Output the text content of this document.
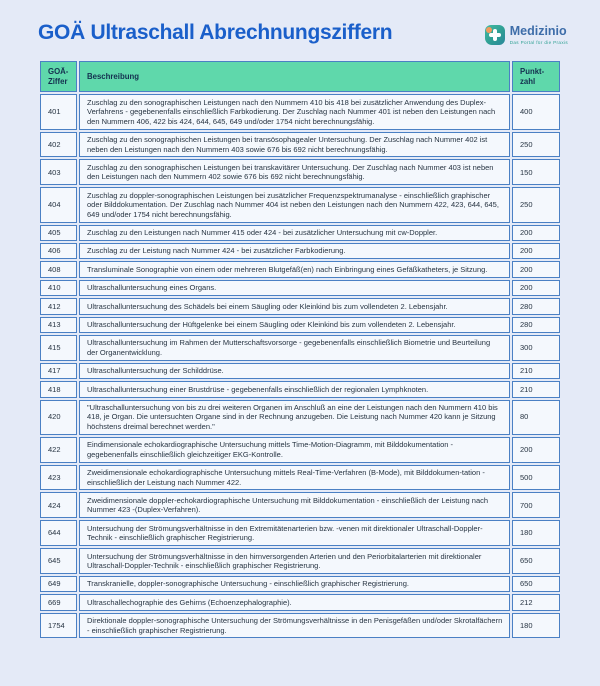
GOÄ Ultraschall Abrechnungsziffern	Medizinio
Das Portal für die Praxis
GOÄ-Ziffer	Beschreibung	Punkt-zahl
401	Zuschlag zu den sonographischen Leistungen nach den Nummern 410 bis 418 bei zusätzlicher Anwendung des Duplex-Verfahrens - gegebenenfalls einschließlich Farbkodierung. Der Zuschlag nach Nummer 401 ist neben den Leistungen nach den Nummern 406, 422 bis 424, 644, 645, 649 und/oder 1754 nicht berechnungsfähig.	400
402	Zuschlag zu den sonographischen Leistungen bei transösophagealer Untersuchung. Der Zuschlag nach Nummer 402 ist neben den Leistungen nach den Nummern 403 sowie 676 bis 692 nicht berechnungsfähig.	250
403	Zuschlag zu den sonographischen Leistungen bei transkavitärer Untersuchung. Der Zuschlag nach Nummer 403 ist neben den Leistungen nach den Nummern 402 sowie 676 bis 692 nicht berechnungsfähig.	150
404	Zuschlag zu doppler-sonographischen Leistungen bei zusätzlicher Frequenzspektrumanalyse - einschließlich graphischer oder Bilddokumentation. Der Zuschlag nach Nummer 404 ist neben den Leistungen nach den Nummern 422, 423, 644, 645, 649 und/oder 1754 nicht berechnungsfähig.	250
405	Zuschlag zu den Leistungen nach Nummer 415 oder 424 - bei zusätzlicher Untersuchung mit cw-Doppler.	200
406	Zuschlag zu der Leistung nach Nummer 424 - bei zusätzlicher Farbkodierung.	200
408	Transluminale Sonographie von einem oder mehreren Blutgefäß(en) nach Einbringung eines Gefäßkatheters, je Sitzung.	200
410	Ultraschalluntersuchung eines Organs.	200
412	Ultraschalluntersuchung des Schädels bei einem Säugling oder Kleinkind bis zum vollendeten 2. Lebensjahr.	280
413	Ultraschalluntersuchung der Hüftgelenke bei einem Säugling oder Kleinkind bis zum vollendeten 2. Lebensjahr.	280
415	Ultraschalluntersuchung im Rahmen der Mutterschaftsvorsorge - gegebenenfalls einschließlich Biometrie und Beurteilung der Organentwicklung.	300
417	Ultraschalluntersuchung der Schilddrüse.	210
418	Ultraschalluntersuchung einer Brustdrüse - gegebenenfalls einschließlich der regionalen Lymphknoten.	210
420	"Ultraschalluntersuchung von bis zu drei weiteren Organen im Anschluß an eine der Leistungen nach den Nummern 410 bis 418, je Organ. Die untersuchten Organe sind in der Rechnung anzugeben. Die Leistung nach Nummer 420 kann je Sitzung höchstens dreimal berechnet werden."	80
422	Eindimensionale echokardiographische Untersuchung mittels Time-Motion-Diagramm, mit Bilddokumentation - gegebenenfalls einschließlich gleichzeitiger EKG-Kontrolle.	200
423	Zweidimensionale echokardiographische Untersuchung mittels Real-Time-Verfahren (B-Mode), mit Bilddokumen-tation - einschließlich der Leistung nach Nummer 422.	500
424	Zweidimensionale doppler-echokardiographische Untersuchung mit Bilddokumentation - einschließlich der Leistung nach Nummer 423 -(Duplex-Verfahren).	700
644	Untersuchung der Strömungsverhältnisse in den Extremitätenarterien bzw. -venen mit direktionaler Ultraschall-Doppler-Technik - einschließlich graphischer Registrierung.	180
645	Untersuchung der Strömungsverhältnisse in den hirnversorgenden Arterien und den Periorbitalarterien mit direktionaler Ultraschall-Doppler-Technik - einschließlich graphischer Registrierung.	650
649	Transkranielle, doppler-sonographische Untersuchung - einschließlich graphischer Registrierung.	650
669	Ultraschallechographie des Gehirns (Echoenzephalographie).	212
1754	Direktionale doppler-sonographische Untersuchung der Strömungsverhältnisse in den Penisgefäßen und/oder Skrotalfächern - einschließlich graphischer Registrierung.	180
